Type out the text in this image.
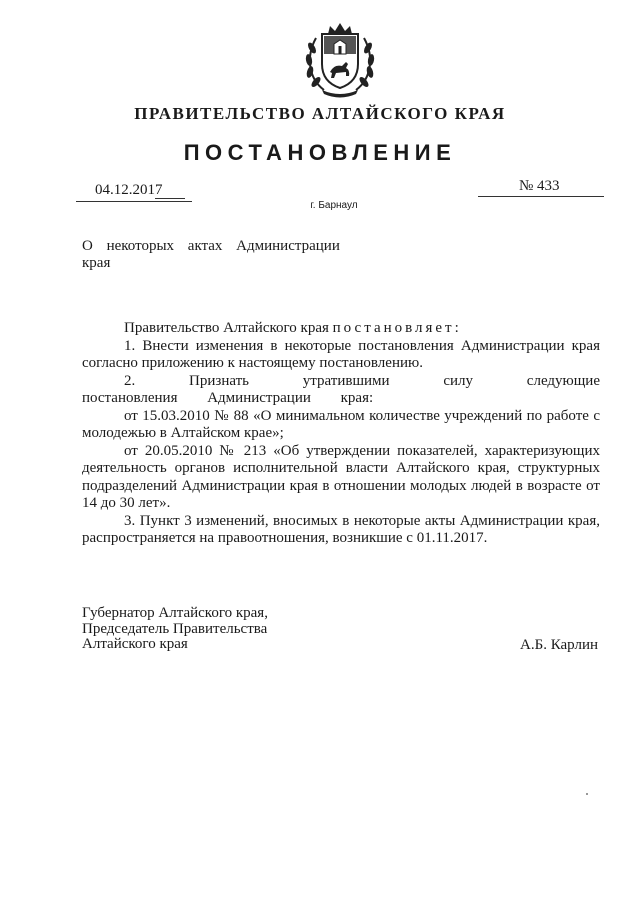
ПРАВИТЕЛЬСТВО АЛТАЙСКОГО КРАЯ
ПОСТАНОВЛЕНИЕ
04.12.2017	№ 433
г. Барнаул
О некоторых актах Администрации
края

Правительство Алтайского края постановляет:

1. Внести изменения в некоторые постановления Администрации края согласно приложению к настоящему постановлению.

2. Признать утратившими силу следующие постановления Администрации края:

от 15.03.2010 № 88 «О минимальном количестве учреждений по работе с молодежью в Алтайском крае»;

от 20.05.2010 № 213 «Об утверждении показателей, характеризующих деятельность органов исполнительной власти Алтайского края, структурных подразделений Администрации края в отношении молодых людей в возрасте от 14 до 30 лет».

3. Пункт 3 изменений, вносимых в некоторые акты Администрации края, распространяется на правоотношения, возникшие с 01.11.2017.

Губернатор Алтайского края,
Председатель Правительства
Алтайского края	А.Б. Карлин
